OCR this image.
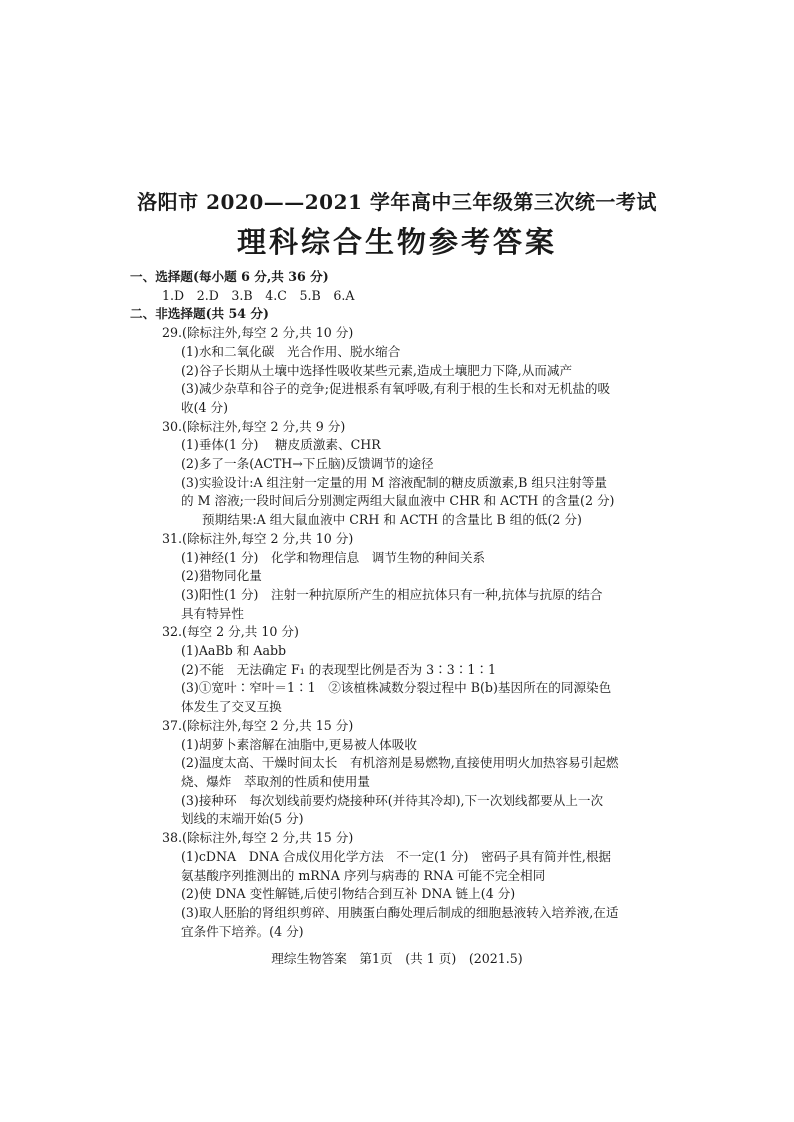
洛阳市 2020——2021 学年高中三年级第三次统一考试
理科综合生物参考答案
一、选择题(每小题 6 分,共 36 分)
1.D　2.D　3.B　4.C　5.B　6.A
二、非选择题(共 54 分)
29.(除标注外,每空 2 分,共 10 分)
(1)水和二氧化碳　光合作用、脱水缩合
(2)谷子长期从土壤中选择性吸收某些元素,造成土壤肥力下降,从而减产
(3)减少杂草和谷子的竞争;促进根系有氧呼吸,有利于根的生长和对无机盐的吸
收(4 分)
30.(除标注外,每空 2 分,共 9 分)
(1)垂体(1 分)　 糖皮质激素、CHR
(2)多了一条(ACTH→下丘脑)反馈调节的途径
(3)实验设计:A 组注射一定量的用 M 溶液配制的糖皮质激素,B 组只注射等量
的 M 溶液;一段时间后分别测定两组大鼠血液中 CHR 和 ACTH 的含量(2 分)
预期结果:A 组大鼠血液中 CRH 和 ACTH 的含量比 B 组的低(2 分)
31.(除标注外,每空 2 分,共 10 分)
(1)神经(1 分)　化学和物理信息　调节生物的种间关系
(2)猎物同化量
(3)阳性(1 分)　注射一种抗原所产生的相应抗体只有一种,抗体与抗原的结合
具有特异性
32.(每空 2 分,共 10 分)
(1)AaBb 和 Aabb
(2)不能　无法确定 F₁ 的表现型比例是否为 3∶3∶1∶1
(3)①宽叶∶窄叶＝1∶1　②该植株减数分裂过程中 B(b)基因所在的同源染色
体发生了交叉互换
37.(除标注外,每空 2 分,共 15 分)
(1)胡萝卜素溶解在油脂中,更易被人体吸收
(2)温度太高、干燥时间太长　有机溶剂是易燃物,直接使用明火加热容易引起燃
烧、爆炸　萃取剂的性质和使用量
(3)接种环　每次划线前要灼烧接种环(并待其冷却),下一次划线都要从上一次
划线的末端开始(5 分)
38.(除标注外,每空 2 分,共 15 分)
(1)cDNA　DNA 合成仪用化学方法　不一定(1 分)　密码子具有简并性,根据
氨基酸序列推测出的 mRNA 序列与病毒的 RNA 可能不完全相同
(2)使 DNA 变性解链,后使引物结合到互补 DNA 链上(4 分)
(3)取人胚胎的肾组织剪碎、用胰蛋白酶处理后制成的细胞悬液转入培养液,在适
宜条件下培养。(4 分)
理综生物答案　第1页　(共 1 页)　(2021.5)
